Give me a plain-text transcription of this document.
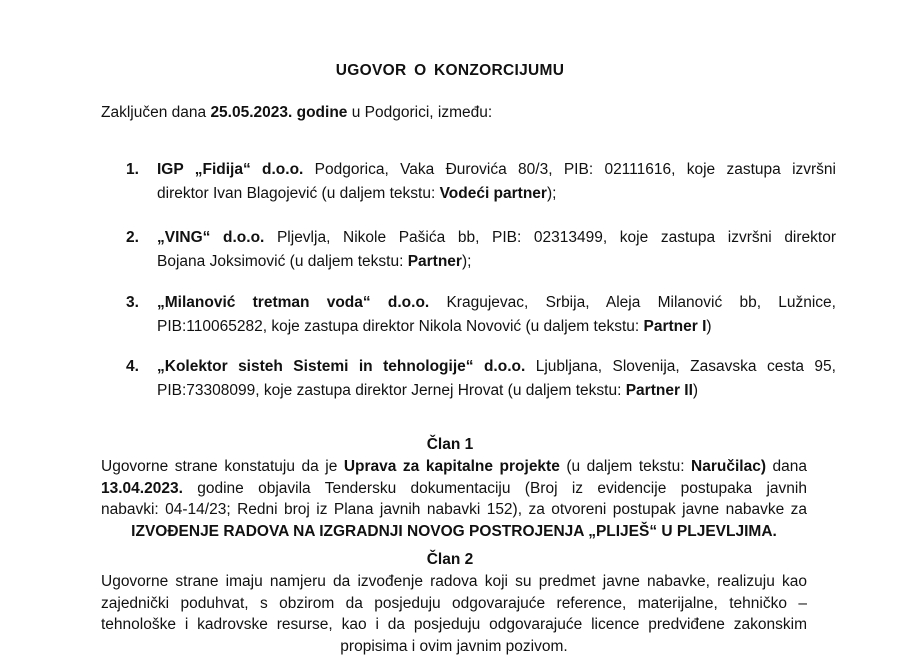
UGOVOR O KONZORCIJUMU
Zaključen dana 25.05.2023. godine u Podgorici, između:
1. IGP „Fidija“ d.o.o. Podgorica, Vaka Đurovića 80/3, PIB: 02111616, koje zastupa izvršni
direktor Ivan Blagojević (u daljem tekstu: Vodeći partner);
2. „VING“ d.o.o. Pljevlja, Nikole Pašića bb, PIB: 02313499, koje zastupa izvršni direktor
Bojana Joksimović (u daljem tekstu: Partner);
3. „Milanović tretman voda“ d.o.o. Kragujevac, Srbija, Aleja Milanović bb, Lužnice,
PIB:110065282, koje zastupa direktor Nikola Novović (u daljem tekstu: Partner I)
4. „Kolektor sisteh Sistemi in tehnologije“ d.o.o. Ljubljana, Slovenija, Zasavska cesta 95,
PIB:73308099, koje zastupa direktor Jernej Hrovat (u daljem tekstu: Partner II)
Član 1
Ugovorne strane konstatuju da je Uprava za kapitalne projekte (u daljem tekstu: Naručilac) dana
13.04.2023. godine objavila Tendersku dokumentaciju (Broj iz evidencije postupaka javnih
nabavki: 04-14/23; Redni broj iz Plana javnih nabavki 152), za otvoreni postupak javne nabavke za
IZVOĐENJE RADOVA NA IZGRADNJI NOVOG POSTROJENJA „PLIJEŠ“ U PLJEVLJIMA.
Član 2
Ugovorne strane imaju namjeru da izvođenje radova koji su predmet javne nabavke, realizuju kao
zajednički poduhvat, s obzirom da posjeduju odgovarajuće reference, materijalne, tehničko –
tehnološke i kadrovske resurse, kao i da posjeduju odgovarajuće licence predviđene zakonskim
propisima i ovim javnim pozivom.
